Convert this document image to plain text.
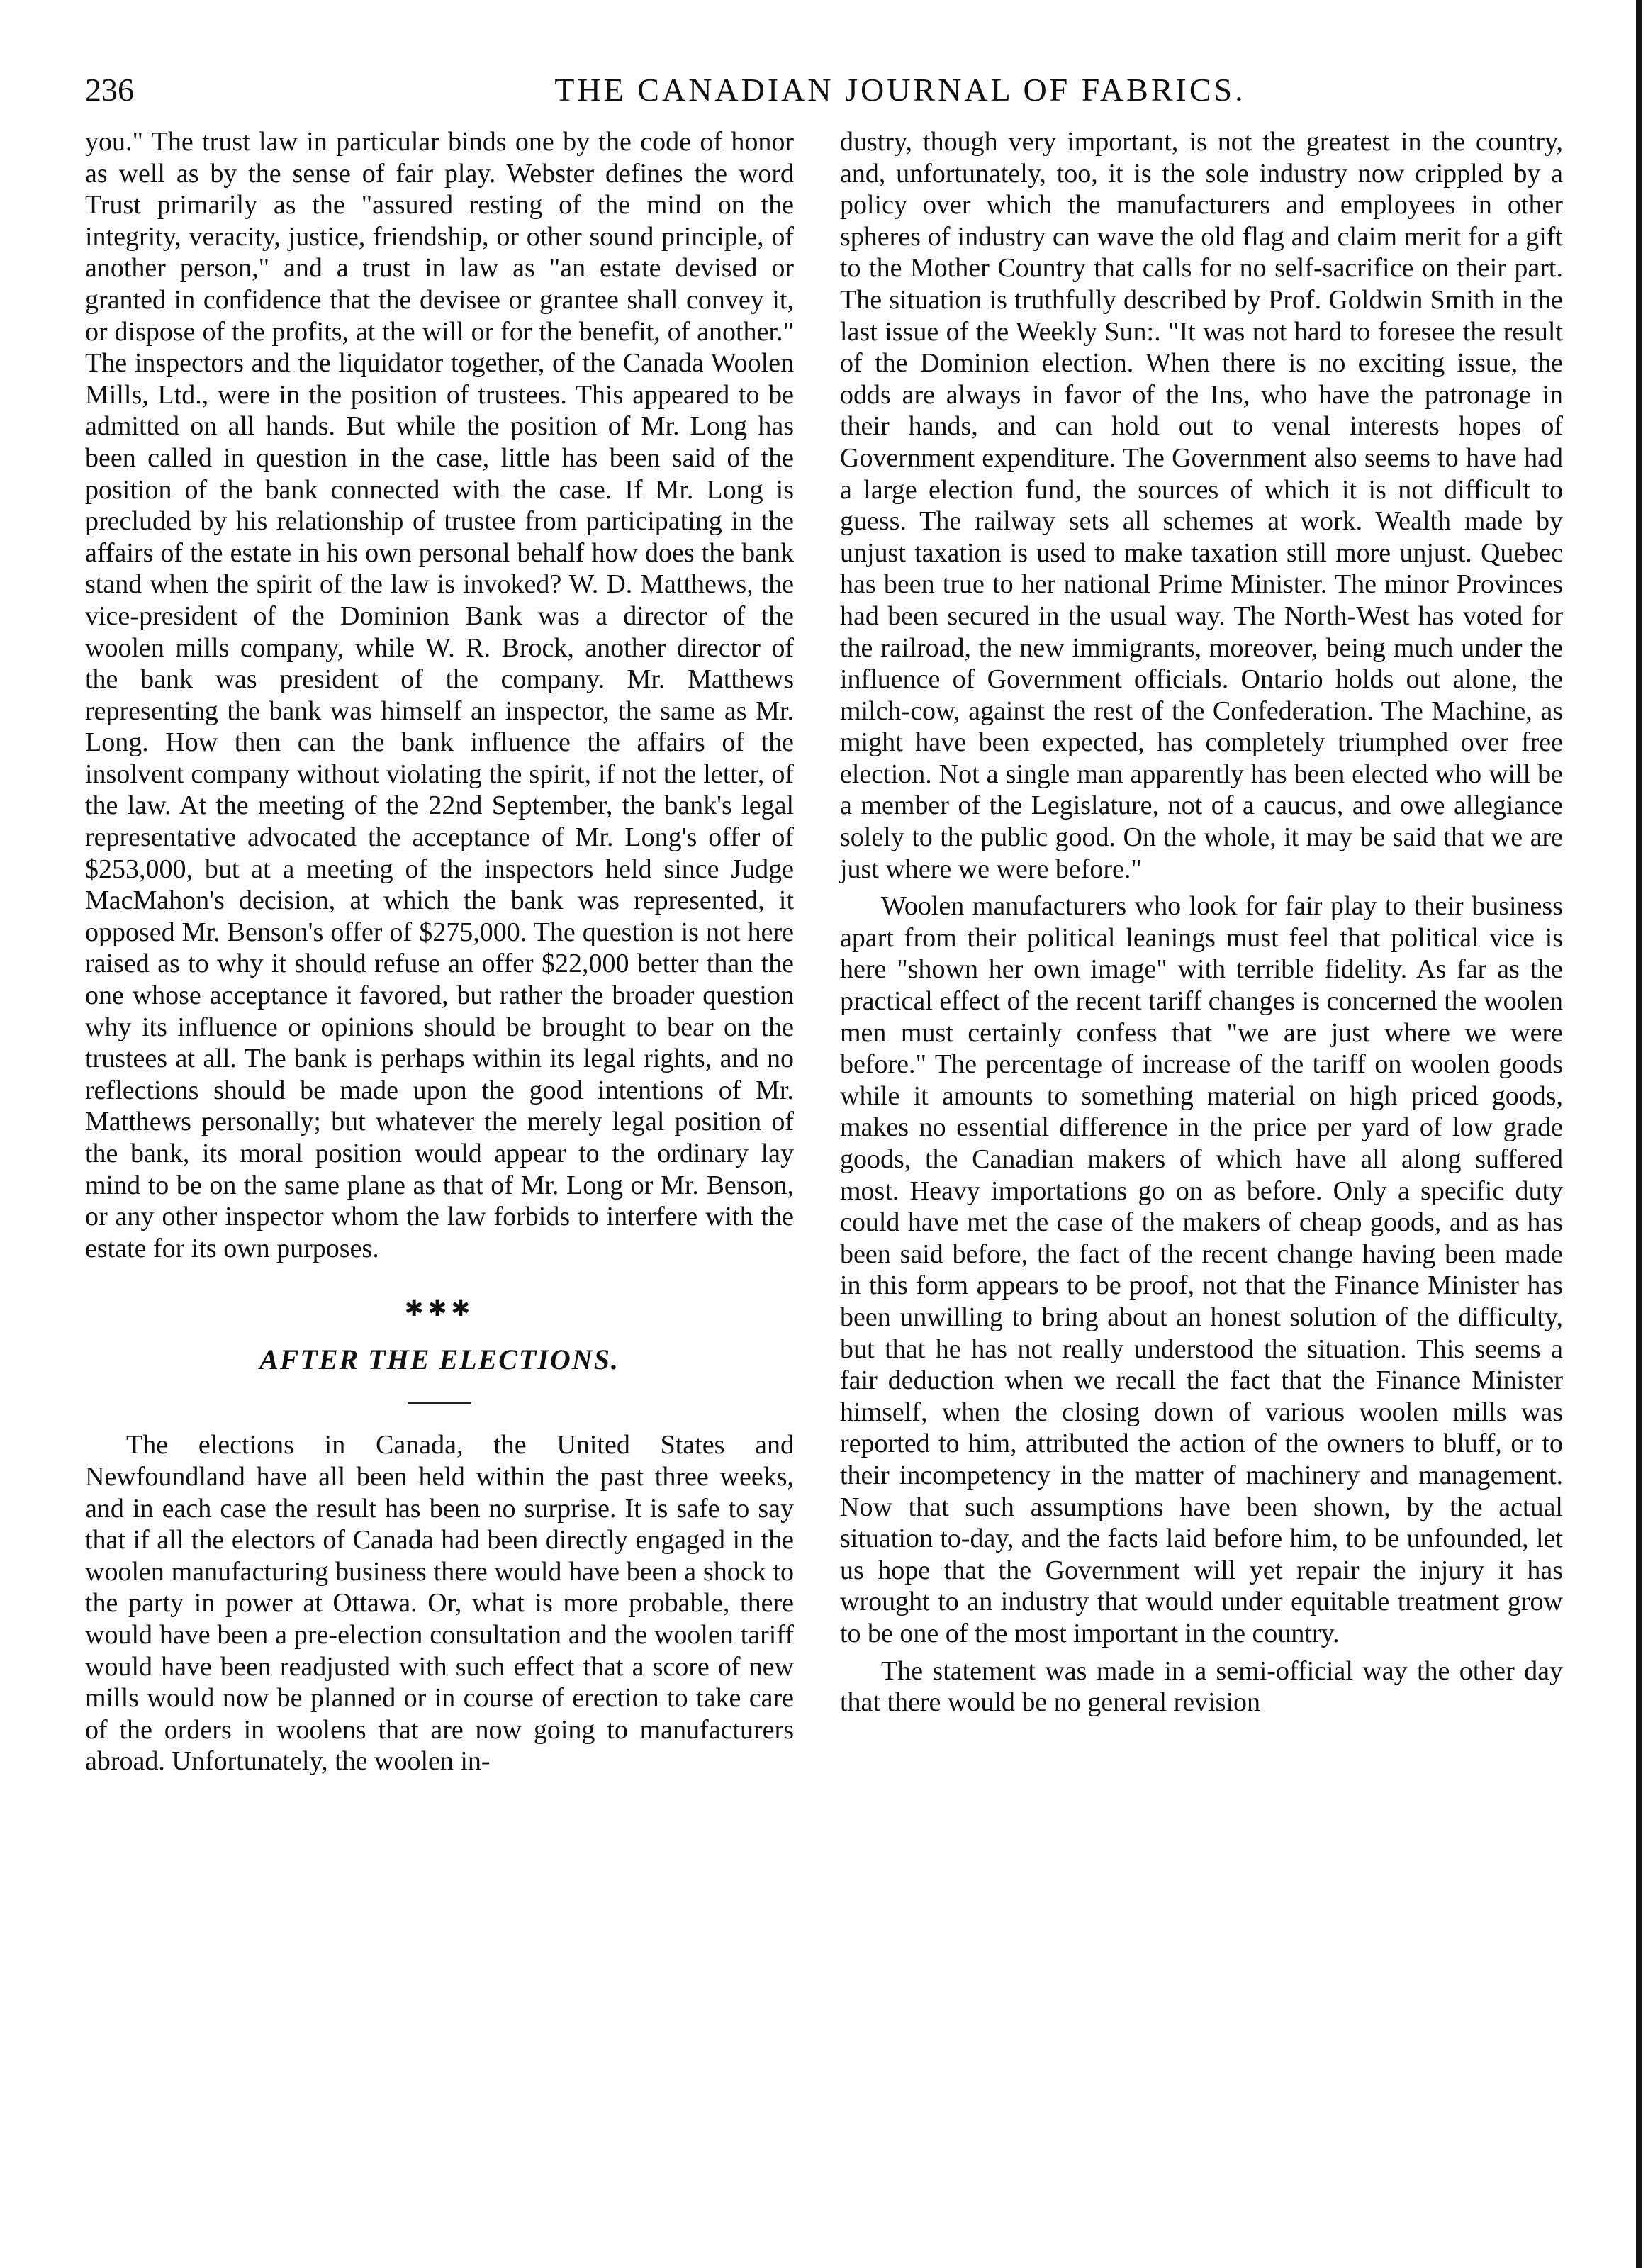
236	THE CANADIAN JOURNAL OF FABRICS.

you." The trust law in particular binds one by the code of honor as well as by the sense of fair play. Webster defines the word Trust primarily as the "assured resting of the mind on the integrity, veracity, justice, friendship, or other sound principle, of another person," and a trust in law as "an estate devised or granted in confidence that the devisee or grantee shall convey it, or dispose of the profits, at the will or for the benefit, of another." The inspectors and the liquidator together, of the Canada Woolen Mills, Ltd., were in the position of trustees. This appeared to be admitted on all hands. But while the position of Mr. Long has been called in question in the case, little has been said of the position of the bank connected with the case. If Mr. Long is precluded by his relationship of trustee from participating in the affairs of the estate in his own personal behalf how does the bank stand when the spirit of the law is invoked? W. D. Matthews, the vice-president of the Dominion Bank was a director of the woolen mills company, while W. R. Brock, another director of the bank was president of the company. Mr. Matthews representing the bank was himself an inspector, the same as Mr. Long. How then can the bank influence the affairs of the insolvent company without violating the spirit, if not the letter, of the law. At the meeting of the 22nd September, the bank's legal representative advocated the acceptance of Mr. Long's offer of $253,000, but at a meeting of the inspectors held since Judge MacMahon's decision, at which the bank was represented, it opposed Mr. Benson's offer of $275,000. The question is not here raised as to why it should refuse an offer $22,000 better than the one whose acceptance it favored, but rather the broader question why its influence or opinions should be brought to bear on the trustees at all. The bank is perhaps within its legal rights, and no reflections should be made upon the good intentions of Mr. Matthews personally; but whatever the merely legal position of the bank, its moral position would appear to the ordinary lay mind to be on the same plane as that of Mr. Long or Mr. Benson, or any other inspector whom the law forbids to interfere with the estate for its own purposes.

✱✱✱
AFTER THE ELECTIONS.

The elections in Canada, the United States and Newfoundland have all been held within the past three weeks, and in each case the result has been no surprise. It is safe to say that if all the electors of Canada had been directly engaged in the woolen manufacturing business there would have been a shock to the party in power at Ottawa. Or, what is more probable, there would have been a pre-election consultation and the woolen tariff would have been readjusted with such effect that a score of new mills would now be planned or in course of erection to take care of the orders in woolens that are now going to manufacturers abroad. Unfortunately, the woolen in-

dustry, though very important, is not the greatest in the country, and, unfortunately, too, it is the sole industry now crippled by a policy over which the manufacturers and employees in other spheres of industry can wave the old flag and claim merit for a gift to the Mother Country that calls for no self-sacrifice on their part. The situation is truthfully described by Prof. Goldwin Smith in the last issue of the Weekly Sun:. "It was not hard to foresee the result of the Dominion election. When there is no exciting issue, the odds are always in favor of the Ins, who have the patronage in their hands, and can hold out to venal interests hopes of Government expenditure. The Government also seems to have had a large election fund, the sources of which it is not difficult to guess. The railway sets all schemes at work. Wealth made by unjust taxation is used to make taxation still more unjust. Quebec has been true to her national Prime Minister. The minor Provinces had been secured in the usual way. The North-West has voted for the railroad, the new immigrants, moreover, being much under the influence of Government officials. Ontario holds out alone, the milch-cow, against the rest of the Confederation. The Machine, as might have been expected, has completely triumphed over free election. Not a single man apparently has been elected who will be a member of the Legislature, not of a caucus, and owe allegiance solely to the public good. On the whole, it may be said that we are just where we were before."

Woolen manufacturers who look for fair play to their business apart from their political leanings must feel that political vice is here "shown her own image" with terrible fidelity. As far as the practical effect of the recent tariff changes is concerned the woolen men must certainly confess that "we are just where we were before." The percentage of increase of the tariff on woolen goods while it amounts to something material on high priced goods, makes no essential difference in the price per yard of low grade goods, the Canadian makers of which have all along suffered most. Heavy importations go on as before. Only a specific duty could have met the case of the makers of cheap goods, and as has been said before, the fact of the recent change having been made in this form appears to be proof, not that the Finance Minister has been unwilling to bring about an honest solution of the difficulty, but that he has not really understood the situation. This seems a fair deduction when we recall the fact that the Finance Minister himself, when the closing down of various woolen mills was reported to him, attributed the action of the owners to bluff, or to their incompetency in the matter of machinery and management. Now that such assumptions have been shown, by the actual situation to-day, and the facts laid before him, to be unfounded, let us hope that the Government will yet repair the injury it has wrought to an industry that would under equitable treatment grow to be one of the most important in the country.

The statement was made in a semi-official way the other day that there would be no general revision
